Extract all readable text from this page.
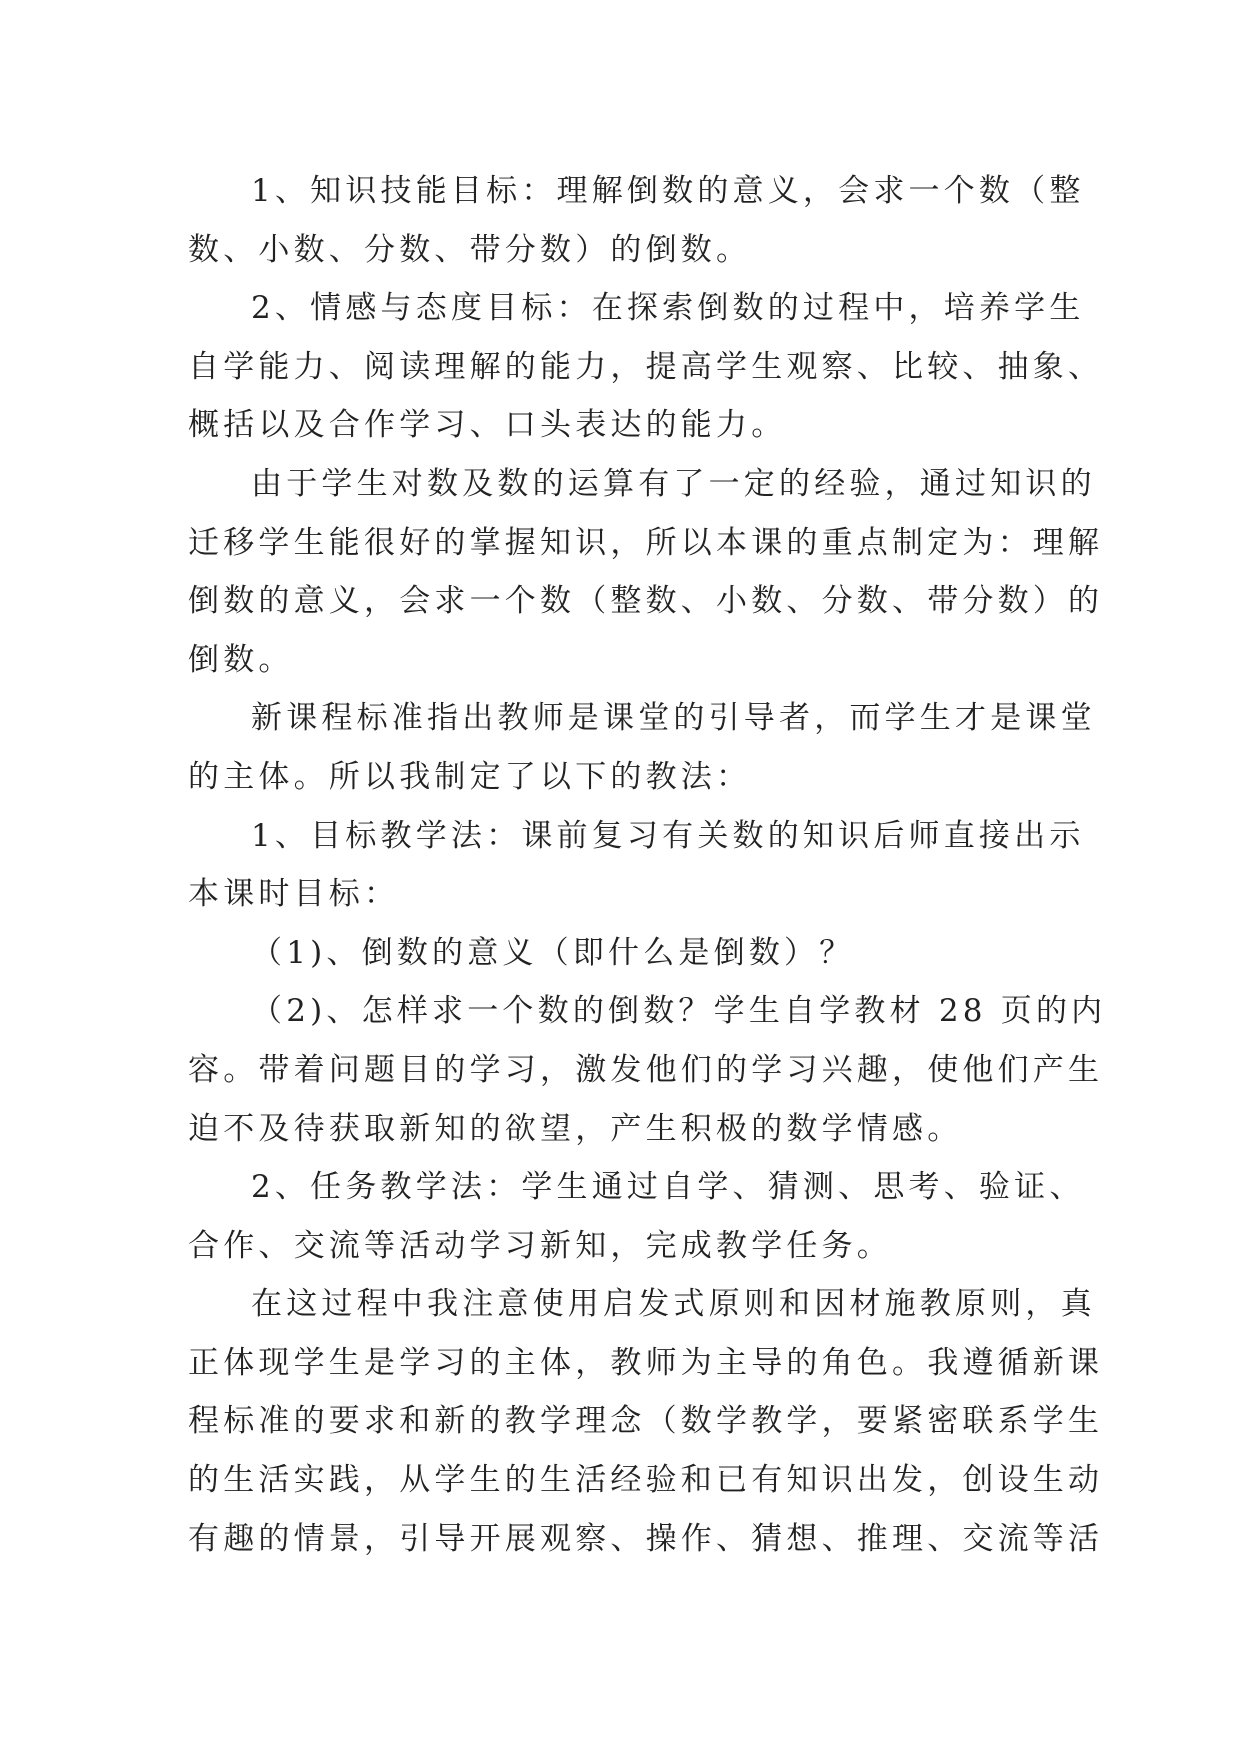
1、知识技能目标：理解倒数的意义，会求一个数（整
数、小数、分数、带分数）的倒数。
2、情感与态度目标：在探索倒数的过程中，培养学生
自学能力、阅读理解的能力，提高学生观察、比较、抽象、
概括以及合作学习、口头表达的能力。
由于学生对数及数的运算有了一定的经验，通过知识的
迁移学生能很好的掌握知识，所以本课的重点制定为：理解
倒数的意义，会求一个数（整数、小数、分数、带分数）的
倒数。
新课程标准指出教师是课堂的引导者，而学生才是课堂
的主体。所以我制定了以下的教法：
1、目标教学法：课前复习有关数的知识后师直接出示
本课时目标：
（1)、倒数的意义（即什么是倒数）？
（2)、怎样求一个数的倒数？学生自学教材 28 页的内
容。带着问题目的学习，激发他们的学习兴趣，使他们产生
迫不及待获取新知的欲望，产生积极的数学情感。
2、任务教学法：学生通过自学、猜测、思考、验证、
合作、交流等活动学习新知，完成教学任务。
在这过程中我注意使用启发式原则和因材施教原则，真
正体现学生是学习的主体，教师为主导的角色。我遵循新课
程标准的要求和新的教学理念（数学教学，要紧密联系学生
的生活实践，从学生的生活经验和已有知识出发，创设生动
有趣的情景，引导开展观察、操作、猜想、推理、交流等活
